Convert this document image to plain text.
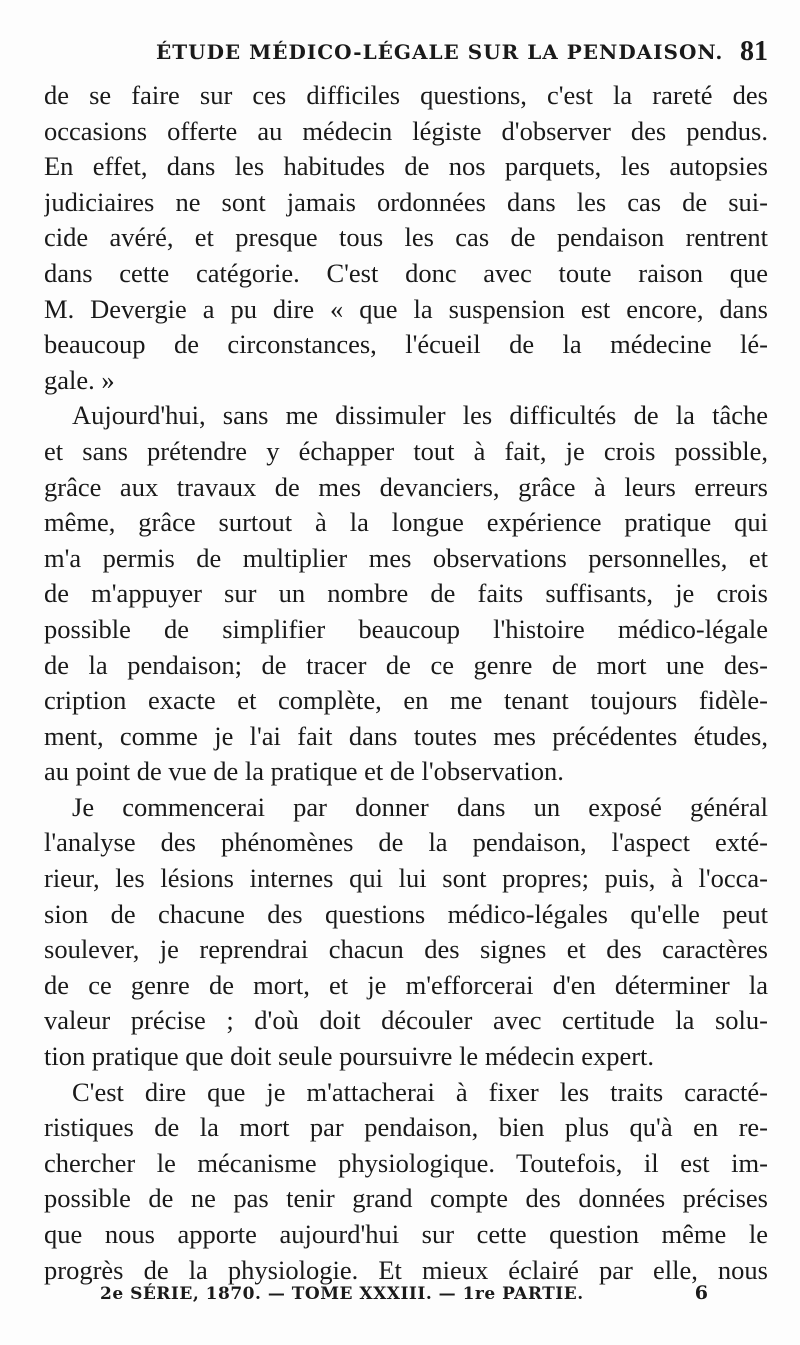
ÉTUDE MÉDICO-LÉGALE SUR LA PENDAISON. 81
de se faire sur ces difficiles questions, c'est la rareté des
occasions offerte au médecin légiste d'observer des pendus.
En effet, dans les habitudes de nos parquets, les autopsies
judiciaires ne sont jamais ordonnées dans les cas de sui-
cide avéré, et presque tous les cas de pendaison rentrent
dans cette catégorie. C'est donc avec toute raison que
M. Devergie a pu dire « que la suspension est encore, dans
beaucoup de circonstances, l'écueil de la médecine lé-
gale. »
Aujourd'hui, sans me dissimuler les difficultés de la tâche
et sans prétendre y échapper tout à fait, je crois possible,
grâce aux travaux de mes devanciers, grâce à leurs erreurs
même, grâce surtout à la longue expérience pratique qui
m'a permis de multiplier mes observations personnelles, et
de m'appuyer sur un nombre de faits suffisants, je crois
possible de simplifier beaucoup l'histoire médico-légale
de la pendaison; de tracer de ce genre de mort une des-
cription exacte et complète, en me tenant toujours fidèle-
ment, comme je l'ai fait dans toutes mes précédentes études,
au point de vue de la pratique et de l'observation.
Je commencerai par donner dans un exposé général
l'analyse des phénomènes de la pendaison, l'aspect exté-
rieur, les lésions internes qui lui sont propres; puis, à l'occa-
sion de chacune des questions médico-légales qu'elle peut
soulever, je reprendrai chacun des signes et des caractères
de ce genre de mort, et je m'efforcerai d'en déterminer la
valeur précise ; d'où doit découler avec certitude la solu-
tion pratique que doit seule poursuivre le médecin expert.
C'est dire que je m'attacherai à fixer les traits caracté-
ristiques de la mort par pendaison, bien plus qu'à en re-
chercher le mécanisme physiologique. Toutefois, il est im-
possible de ne pas tenir grand compte des données précises
que nous apporte aujourd'hui sur cette question même le
progrès de la physiologie. Et mieux éclairé par elle, nous
2e SÉRIE, 1870. — TOME XXXIII. — 1re PARTIE.	6
